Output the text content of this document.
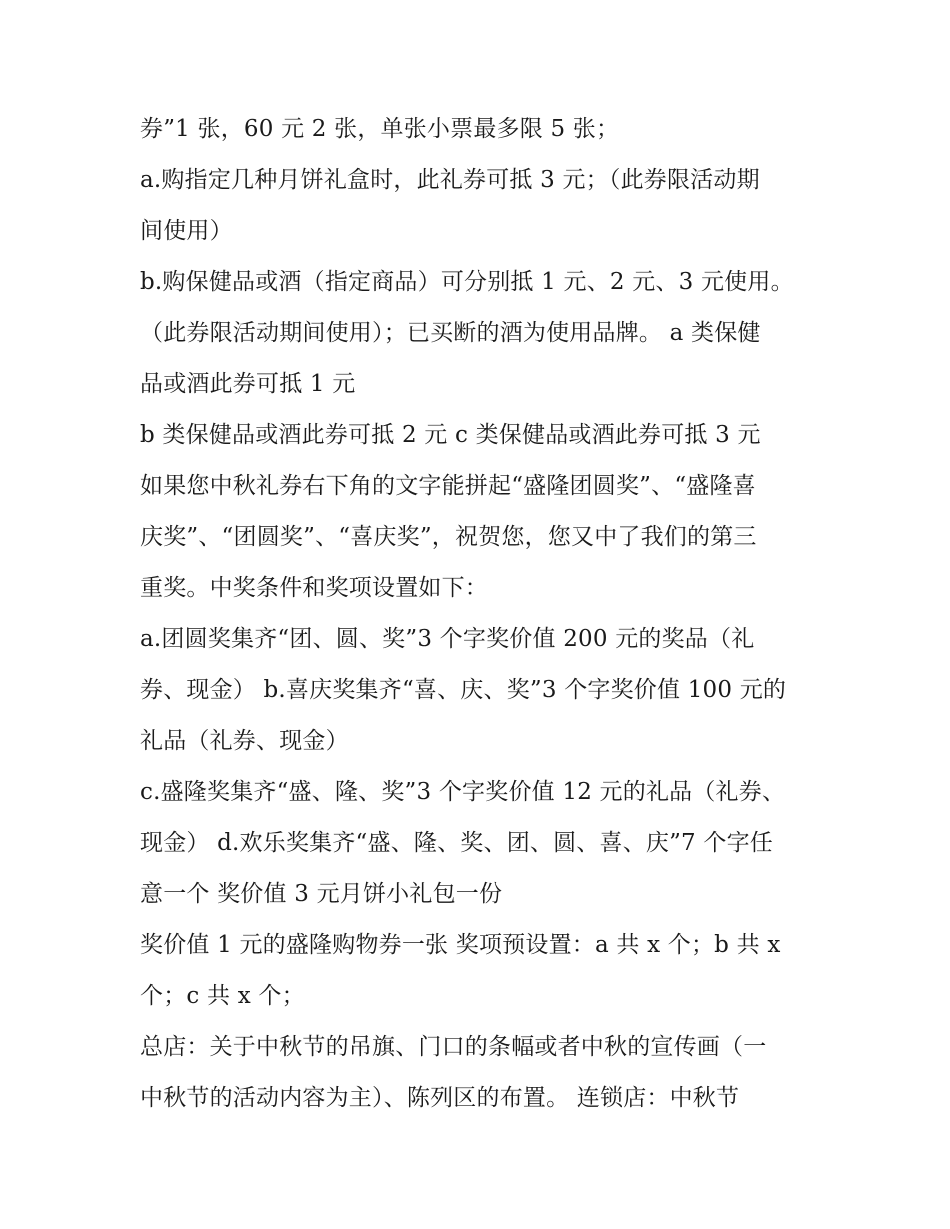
券”1 张，60 元 2 张，单张小票最多限 5 张；
a.购指定几种月饼礼盒时，此礼券可抵 3 元；（此券限活动期
间使用）
b.购保健品或酒（指定商品）可分别抵 1 元、2 元、3 元使用。
（此券限活动期间使用）；已买断的酒为使用品牌。 a 类保健
品或酒此券可抵 1 元
b 类保健品或酒此券可抵 2 元 c 类保健品或酒此券可抵 3 元
如果您中秋礼券右下角的文字能拼起“盛隆团圆奖”、“盛隆喜
庆奖”、“团圆奖”、“喜庆奖”，祝贺您，您又中了我们的第三
重奖。中奖条件和奖项设置如下：
a.团圆奖集齐“团、圆、奖”3 个字奖价值 200 元的奖品（礼
券、现金） b.喜庆奖集齐“喜、庆、奖”3 个字奖价值 100 元的
礼品（礼券、现金）
c.盛隆奖集齐“盛、隆、奖”3 个字奖价值 12 元的礼品（礼券、
现金） d.欢乐奖集齐“盛、隆、奖、团、圆、喜、庆”7 个字任
意一个 奖价值 3 元月饼小礼包一份
奖价值 1 元的盛隆购物券一张 奖项预设置：a 共 x 个；b 共 x
个；c 共 x 个；
总店：关于中秋节的吊旗、门口的条幅或者中秋的宣传画（一
中秋节的活动内容为主）、陈列区的布置。 连锁店：中秋节
